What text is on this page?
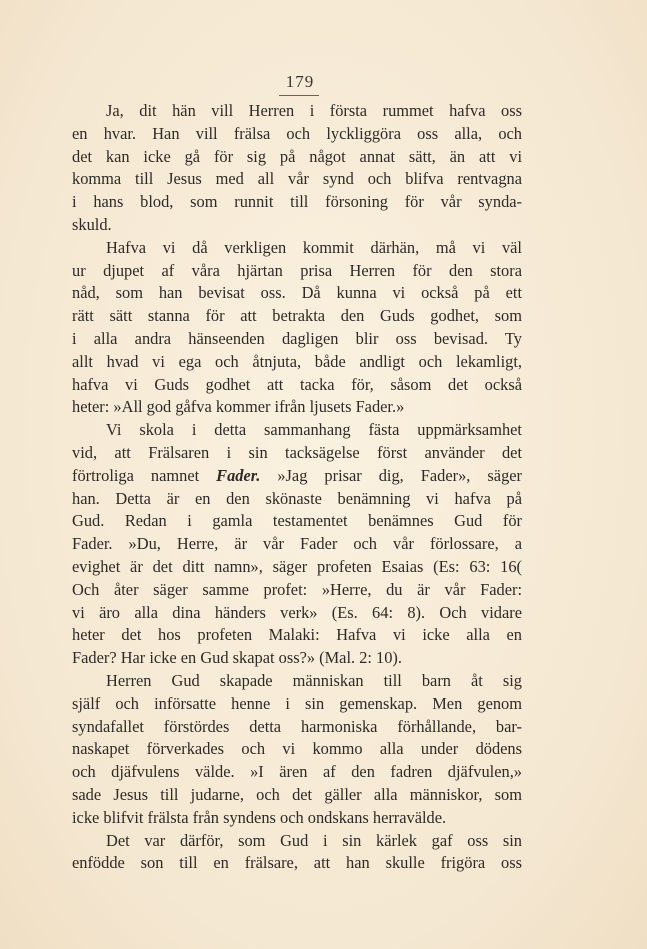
179
Ja, dit hän vill Herren i första rummet hafva oss
en hvar. Han vill frälsa och lyckliggöra oss alla, och
det kan icke gå för sig på något annat sätt, än att vi
komma till Jesus med all vår synd och blifva rentvagna
i hans blod, som runnit till försoning för vår synda-
skuld.
Hafva vi då verkligen kommit därhän, må vi väl
ur djupet af våra hjärtan prisa Herren för den stora
nåd, som han bevisat oss. Då kunna vi också på ett
rätt sätt stanna för att betrakta den Guds godhet, som
i alla andra hänseenden dagligen blir oss bevisad. Ty
allt hvad vi ega och åtnjuta, både andligt och lekamligt,
hafva vi Guds godhet att tacka för, såsom det också
heter: »All god gåfva kommer ifrån ljusets Fader.»
Vi skola i detta sammanhang fästa uppmärksamhet
vid, att Frälsaren i sin tacksägelse först använder det
förtroliga namnet Fader. »Jag prisar dig, Fader», säger
han. Detta är en den skönaste benämning vi hafva på
Gud. Redan i gamla testamentet benämnes Gud för
Fader. »Du, Herre, är vår Fader och vår förlossare, a
evighet är det ditt namn», säger profeten Esaias (Es: 63: 16(
Och åter säger samme profet: »Herre, du är vår Fader:
vi äro alla dina händers verk» (Es. 64: 8). Och vidare
heter det hos profeten Malaki: Hafva vi icke alla en
Fader? Har icke en Gud skapat oss?» (Mal. 2: 10).
Herren Gud skapade människan till barn åt sig
själf och införsatte henne i sin gemenskap. Men genom
syndafallet förstördes detta harmoniska förhållande, bar-
naskapet förverkades och vi kommo alla under dödens
och djäfvulens välde. »I ären af den fadren djäfvulen,»
sade Jesus till judarne, och det gäller alla människor, som
icke blifvit frälsta från syndens och ondskans herravälde.
Det var därför, som Gud i sin kärlek gaf oss sin
enfödde son till en frälsare, att han skulle frigöra oss
